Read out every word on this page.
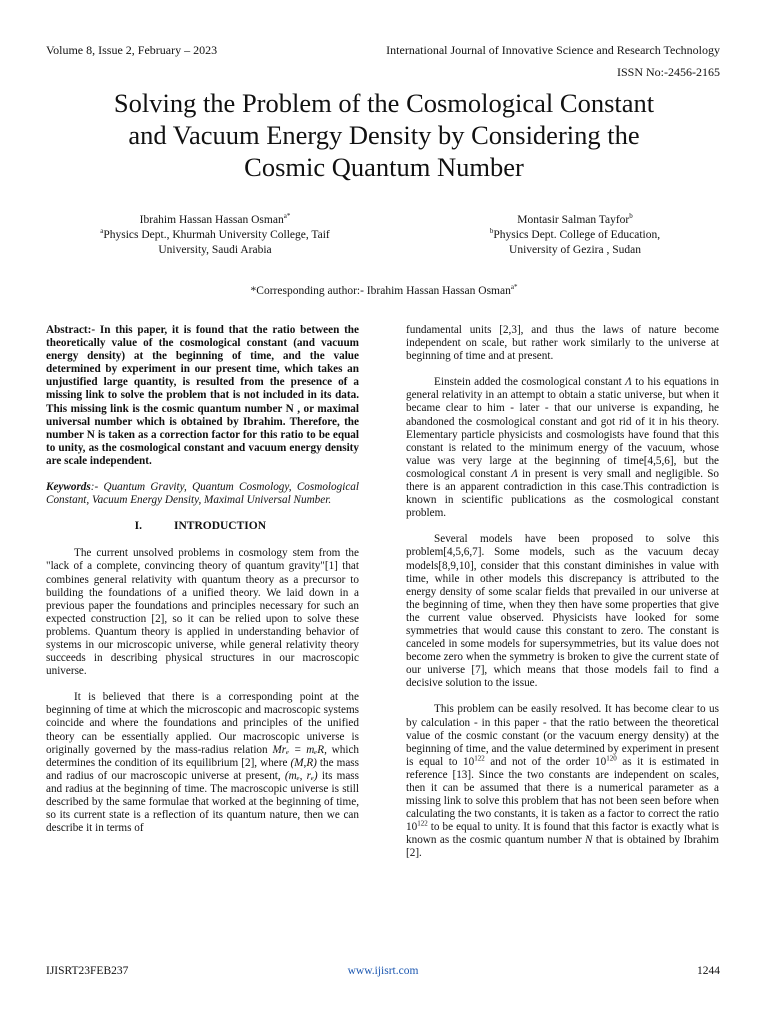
Volume 8, Issue 2, February – 2023	International Journal of Innovative Science and Research Technology
ISSN No:-2456-2165
Solving the Problem of the Cosmological Constant
and Vacuum Energy Density by Considering the
Cosmic Quantum Number
Ibrahim Hassan Hassan Osman$^{a*}$
$^a$Physics Dept., Khurmah University College, Taif
University, Saudi Arabia
Montasir Salman Tayfor$^b$
$^b$Physics Dept. College of Education,
University of Gezira , Sudan
*Corresponding author:- Ibrahim Hassan Hassan Osman$^{a*}$

Abstract:- In this paper, it is found that the ratio between the theoretically value of the cosmological constant (and vacuum energy density) at the beginning of time, and the value determined by experiment in our present time, which takes an unjustified large quantity, is resulted from the presence of a missing link to solve the problem that is not included in its data. This missing link is the cosmic quantum number N , or maximal universal number which is obtained by Ibrahim. Therefore, the number N is taken as a correction factor for this ratio to be equal to unity, as the cosmological constant and vacuum energy density are scale independent.

Keywords:- Quantum Gravity, Quantum Cosmology, Cosmological Constant, Vacuum Energy Density, Maximal Universal Number.

I.	INTRODUCTION

The current unsolved problems in cosmology stem from the "lack of a complete, convincing theory of quantum gravity"[1] that combines general relativity with quantum theory as a precursor to building the foundations of a unified theory. We laid down in a previous paper the foundations and principles necessary for such an expected construction [2], so it can be relied upon to solve these problems. Quantum theory is applied in understanding behavior of systems in our microscopic universe, while general relativity theory succeeds in describing physical structures in our macroscopic universe.

It is believed that there is a corresponding point at the beginning of time at which the microscopic and macroscopic systems coincide and where the foundations and principles of the unified theory can be essentially applied. Our macroscopic universe is originally governed by the mass-radius relation Mrₑ = mₑR, which determines the condition of its equilibrium [2], where (M,R) the mass and radius of our macroscopic universe at present, (mₑ, rₑ) its mass and radius at the beginning of time. The macroscopic universe is still described by the same formulae that worked at the beginning of time, so its current state is a reflection of its quantum nature, then we can describe it in terms of

fundamental units [2,3], and thus the laws of nature become independent on scale, but rather work similarly to the universe at beginning of time and at present.

Einstein added the cosmological constant Λ to his equations in general relativity in an attempt to obtain a static universe, but when it became clear to him - later - that our universe is expanding, he abandoned the cosmological constant and got rid of it in his theory. Elementary particle physicists and cosmologists have found that this constant is related to the minimum energy of the vacuum, whose value was very large at the beginning of time[4,5,6], but the cosmological constant Λ in present is very small and negligible. So there is an apparent contradiction in this case.This contradiction is known in scientific publications as the cosmological constant problem.

Several models have been proposed to solve this problem[4,5,6,7]. Some models, such as the vacuum decay models[8,9,10], consider that this constant diminishes in value with time, while in other models this discrepancy is attributed to the energy density of some scalar fields that prevailed in our universe at the beginning of time, when they then have some properties that give the current value observed. Physicists have looked for some symmetries that would cause this constant to zero. The constant is canceled in some models for supersymmetries, but its value does not become zero when the symmetry is broken to give the current state of our universe [7], which means that those models fail to find a decisive solution to the issue.

This problem can be easily resolved. It has become clear to us by calculation - in this paper - that the ratio between the theoretical value of the cosmic constant (or the vacuum energy density) at the beginning of time, and the value determined by experiment in present is equal to $10^{122}$ and not of the order $10^{120}$ as it is estimated in reference [13]. Since the two constants are independent on scales, then it can be assumed that there is a numerical parameter as a missing link to solve this problem that has not been seen before when calculating the two constants, it is taken as a factor to correct the ratio $10^{122}$ to be equal to unity. It is found that this factor is exactly what is known as the cosmic quantum number N that is obtained by Ibrahim [2].

IJISRT23FEB237	www.ijisrt.com	1244
